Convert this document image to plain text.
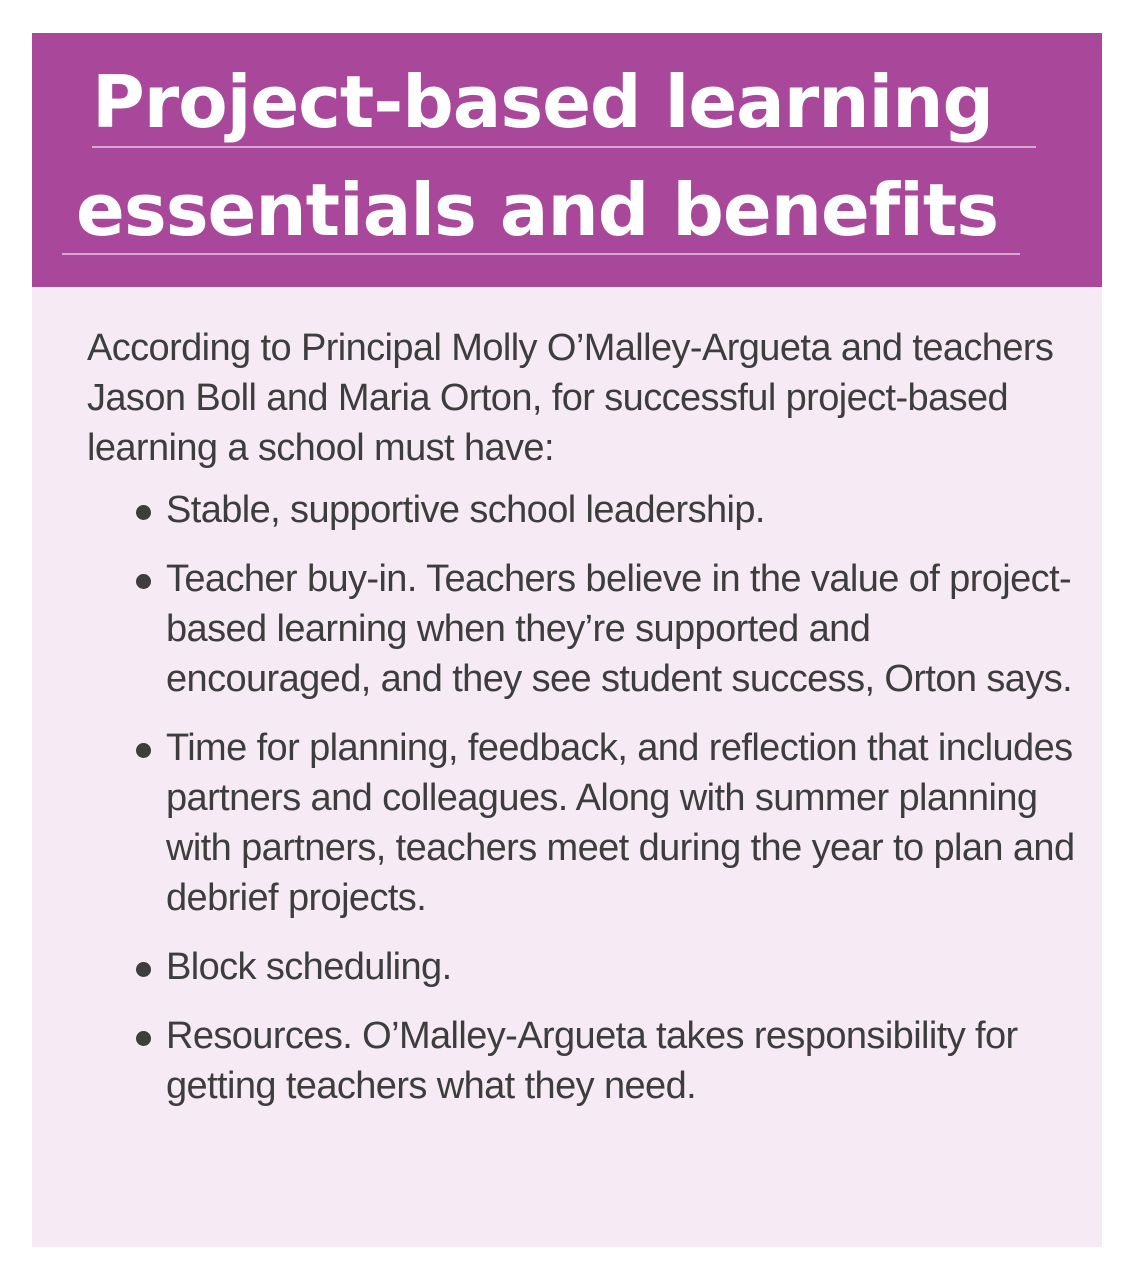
Project-based learning
essentials and benefits

According to Principal Molly O’Malley-Argueta and teachers Jason Boll and Maria Orton, for successful project-based learning a school must have:

Stable, supportive school leadership.
Teacher buy-in. Teachers believe in the value of project-based learning when they’re supported and encouraged, and they see student success, Orton says.
Time for planning, feedback, and reflection that includes partners and colleagues. Along with summer planning with partners, teachers meet during the year to plan and debrief projects.
Block scheduling.
Resources. O’Malley-Argueta takes responsibility for getting teachers what they need.
